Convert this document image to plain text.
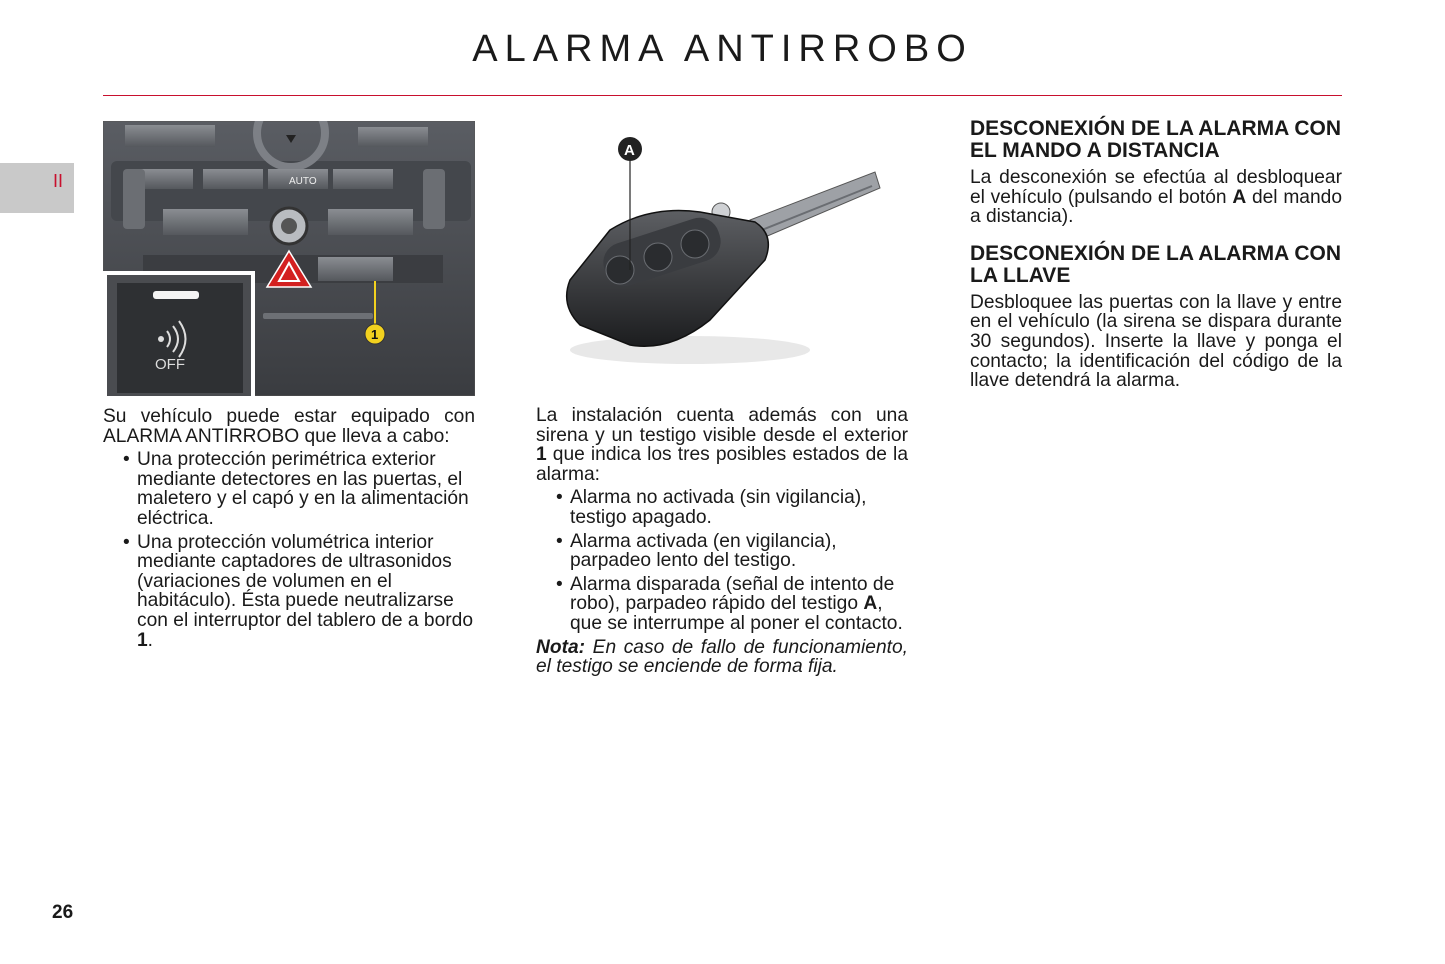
ALARMA ANTIRROBO
II	AUTO
1
OFF
A

Su vehículo puede estar equipado con ALARMA ANTIRROBO que lleva a cabo:

• Una protección perimétrica exterior mediante detectores en las puertas, el maletero y el capó y en la alimentación eléctrica.
• Una protección volumétrica interior mediante captadores de ultrasonidos (variaciones de volumen en el habitáculo). Ésta puede neutralizarse con el interruptor del tablero de a bordo 1.

La instalación cuenta además con una sirena y un testigo visible desde el exterior 1 que indica los tres posibles estados de la alarma:

• Alarma no activada (sin vigilancia), testigo apagado.
• Alarma activada (en vigilancia), parpadeo lento del testigo.
• Alarma disparada (señal de intento de robo), parpadeo rápido del testigo A, que se interrumpe al poner el contacto.

Nota: En caso de fallo de funcionamiento, el testigo se enciende de forma fija.

DESCONEXIÓN DE LA ALARMA CON EL MANDO A DISTANCIA

La desconexión se efectúa al desbloquear el vehículo (pulsando el botón A del mando a distancia).

DESCONEXIÓN DE LA ALARMA CON LA LLAVE

Desbloquee las puertas con la llave y entre en el vehículo (la sirena se dispara durante 30 segundos). Inserte la llave y ponga el contacto; la identificación del código de la llave detendrá la alarma.

26
